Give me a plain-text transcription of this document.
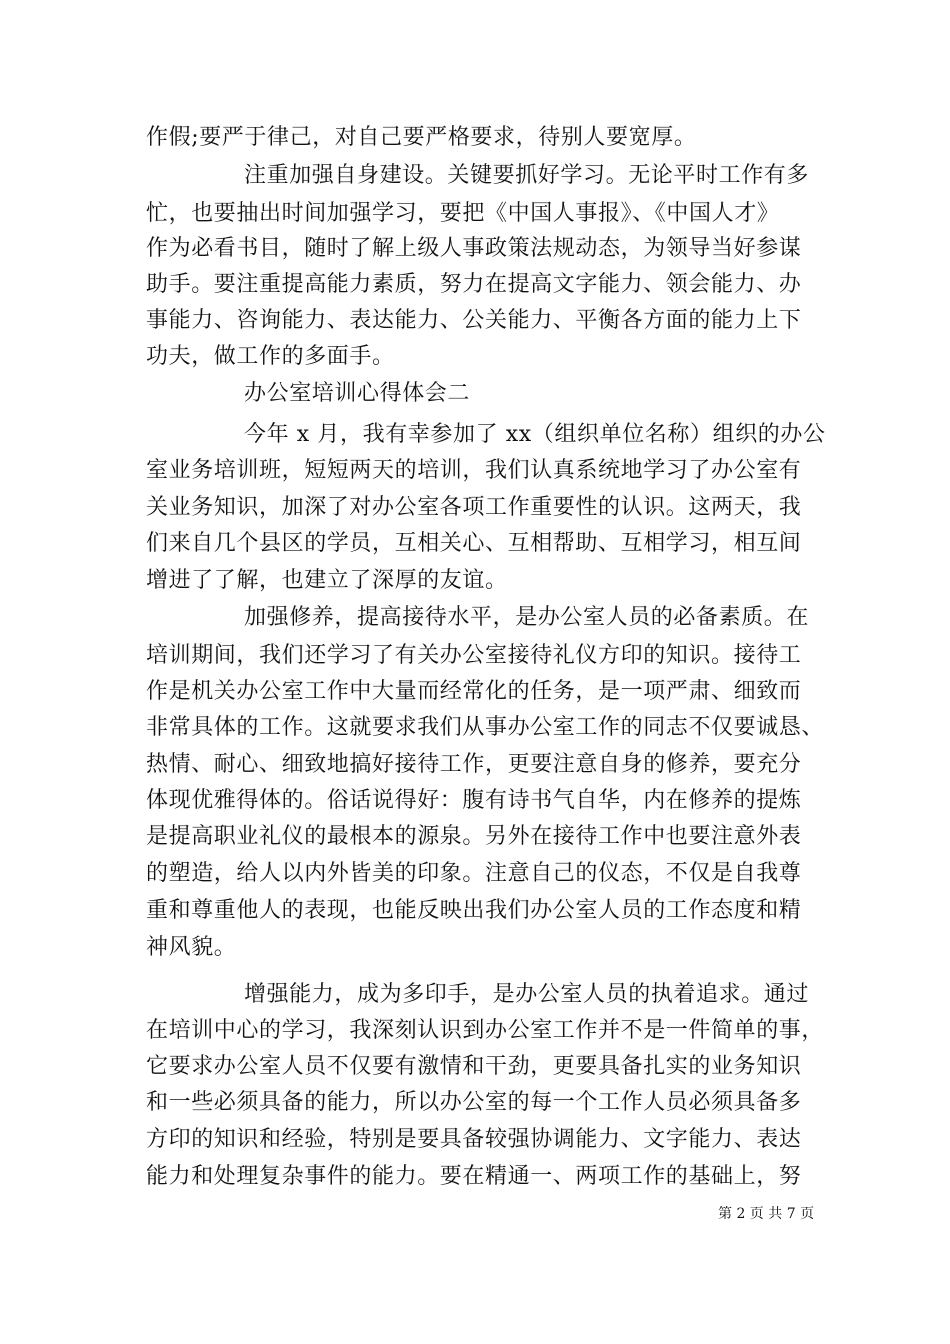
作假;要严于律己，对自己要严格要求，待别人要宽厚。
注重加强自身建设。关键要抓好学习。无论平时工作有多
忙，也要抽出时间加强学习，要把《中国人事报》、《中国人才》
作为必看书目，随时了解上级人事政策法规动态，为领导当好参谋
助手。要注重提高能力素质，努力在提高文字能力、领会能力、办
事能力、咨询能力、表达能力、公关能力、平衡各方面的能力上下
功夫，做工作的多面手。
办公室培训心得体会二
今年 x 月，我有幸参加了 xx（组织单位名称）组织的办公
室业务培训班，短短两天的培训，我们认真系统地学习了办公室有
关业务知识，加深了对办公室各项工作重要性的认识。这两天，我
们来自几个县区的学员，互相关心、互相帮助、互相学习，相互间
增进了了解，也建立了深厚的友谊。
加强修养，提高接待水平，是办公室人员的必备素质。在
培训期间，我们还学习了有关办公室接待礼仪方印的知识。接待工
作是机关办公室工作中大量而经常化的任务，是一项严肃、细致而
非常具体的工作。这就要求我们从事办公室工作的同志不仅要诚恳、
热情、耐心、细致地搞好接待工作，更要注意自身的修养，要充分
体现优雅得体的。俗话说得好：腹有诗书气自华，内在修养的提炼
是提高职业礼仪的最根本的源泉。另外在接待工作中也要注意外表
的塑造，给人以内外皆美的印象。注意自己的仪态，不仅是自我尊
重和尊重他人的表现，也能反映出我们办公室人员的工作态度和精
神风貌。
增强能力，成为多印手，是办公室人员的执着追求。通过
在培训中心的学习，我深刻认识到办公室工作并不是一件简单的事，
它要求办公室人员不仅要有激情和干劲，更要具备扎实的业务知识
和一些必须具备的能力，所以办公室的每一个工作人员必须具备多
方印的知识和经验，特别是要具备较强协调能力、文字能力、表达
能力和处理复杂事件的能力。要在精通一、两项工作的基础上，努
第 2 页 共 7 页
